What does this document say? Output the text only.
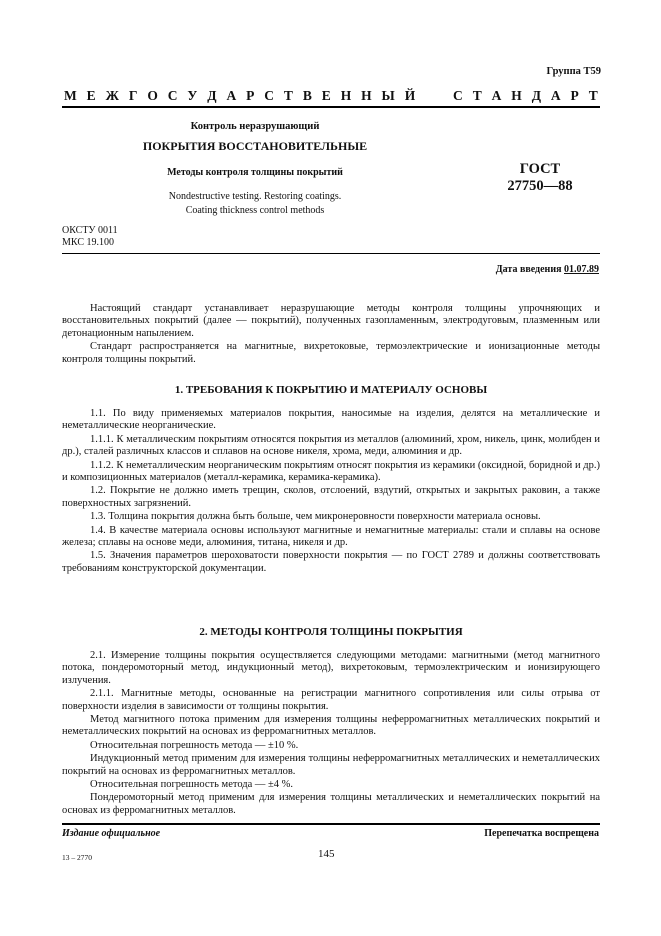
Группа Т59
М Е Ж Г О С У Д А Р С Т В Е Н Н Ы Й	С Т А Н Д А Р Т
Контроль неразрушающий
ПОКРЫТИЯ ВОССТАНОВИТЕЛЬНЫЕ
Методы контроля толщины покрытий
Nondestructive testing. Restoring coatings.
Coating thickness control methods
ГОСТ
27750—88
ОКСТУ 0011
МКС 19.100
Дата введения 01.07.89

Настоящий стандарт устанавливает неразрушающие методы контроля толщины упрочняющих и восстановительных покрытий (далее — покрытий), полученных газопламенным, электродуговым, плазменным или детонационным напылением.

Стандарт распространяется на магнитные, вихретоковые, термоэлектрические и ионизационные методы контроля толщины покрытий.

1. ТРЕБОВАНИЯ К ПОКРЫТИЮ И МАТЕРИАЛУ ОСНОВЫ

1.1. По виду применяемых материалов покрытия, наносимые на изделия, делятся на металлические и неметаллические неорганические.

1.1.1. К металлическим покрытиям относятся покрытия из металлов (алюминий, хром, никель, цинк, молибден и др.), сталей различных классов и сплавов на основе никеля, хрома, меди, алюминия и др.

1.1.2. К неметаллическим неорганическим покрытиям относят покрытия из керамики (оксидной, боридной и др.) и композиционных материалов (металл-керамика, керамика-керамика).

1.2. Покрытие не должно иметь трещин, сколов, отслоений, вздутий, открытых и закрытых раковин, а также поверхностных загрязнений.

1.3. Толщина покрытия должна быть больше, чем микронеровности поверхности материала основы.

1.4. В качестве материала основы используют магнитные и немагнитные материалы: стали и сплавы на основе железа; сплавы на основе меди, алюминия, титана, никеля и др.

1.5. Значения параметров шероховатости поверхности покрытия — по ГОСТ 2789 и должны соответствовать требованиям конструкторской документации.

2. МЕТОДЫ КОНТРОЛЯ ТОЛЩИНЫ ПОКРЫТИЯ

2.1. Измерение толщины покрытия осуществляется следующими методами: магнитными (метод магнитного потока, пондеромоторный метод, индукционный метод), вихретоковым, термоэлектрическим и ионизирующего излучения.

2.1.1. Магнитные методы, основанные на регистрации магнитного сопротивления или силы отрыва от поверхности изделия в зависимости от толщины покрытия.

Метод магнитного потока применим для измерения толщины неферромагнитных металлических покрытий и неметаллических покрытий на основах из ферромагнитных металлов.

Относительная погрешность метода — ±10 %.

Индукционный метод применим для измерения толщины неферромагнитных металлических и неметаллических покрытий на основах из ферромагнитных металлов.

Относительная погрешность метода — ±4 %.

Пондеромоторный метод применим для измерения толщины металлических и неметаллических покрытий на основах из ферромагнитных металлов.

Издание официальное	Перепечатка воспрещена
13 – 2770	145
